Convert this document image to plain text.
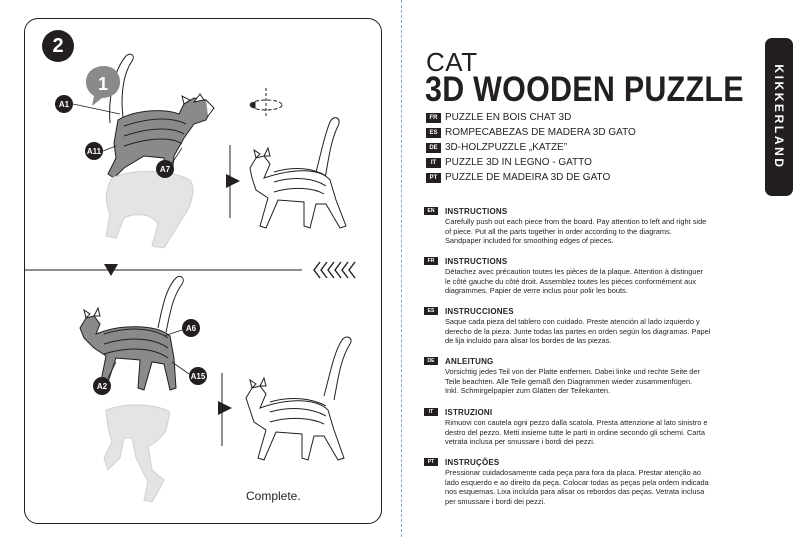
1
A1
A11
A7
A6
A2
A15
2
Complete.
CAT
3D WOODEN PUZZLE
FR PUZZLE EN BOIS CHAT 3D
ES ROMPECABEZAS DE MADERA 3D GATO
DE 3D-HOLZPUZZLE „KATZE”
IT PUZZLE 3D IN LEGNO - GATTO
PT PUZZLE DE MADEIRA 3D DE GATO
KIKKERLAND
EN	INSTRUCTIONS
Carefully push out each piece from the board. Pay attention to left and right side
of piece. Put all the parts together in order according to the diagrams.
Sandpaper included for smoothing edges of pieces.
FR	INSTRUCTIONS
Détachez avec précaution toutes les pièces de la plaque. Attention à distinguer
le côté gauche du côté droit. Assemblez toutes les pièces conformément aux
diagrammes. Papier de verre inclus pour polir les bouts.
ES	INSTRUCCIONES
Saque cada pieza del tablero con cuidado. Preste atención al lado izquierdo y
derecho de la pieza. Junte todas las partes en orden según los diagramas. Papel
de lija incluido para alisar los bordes de las piezas.
DE	ANLEITUNG
Vorsichtig jedes Teil von der Platte entfernen. Dabei linke und rechte Seite der
Teile beachten. Alle Teile gemäß den Diagrammen wieder zusammenfügen.
Inkl. Schmirgelpapier zum Glätten der Teilekanten.
IT	ISTRUZIONI
Rimuovi con cautela ogni pezzo dalla scatola. Presta attenzione al lato sinistro e
destro del pezzo. Metti insieme tutte le parti in ordine secondo gli schemi. Carta
vetrata inclusa per smussare i bordi dei pezzi.
PT	INSTRUÇÕES
Pressionar cuidadosamente cada peça para fora da placa. Prestar atenção ao
lado esquerdo e ao direito da peça. Colocar todas as peças pela ordem indicada
nos esquemas. Lixa incluída para alisar os rebordos das peças. Vetrata inclusa
per smussare i bordi dei pezzi.
